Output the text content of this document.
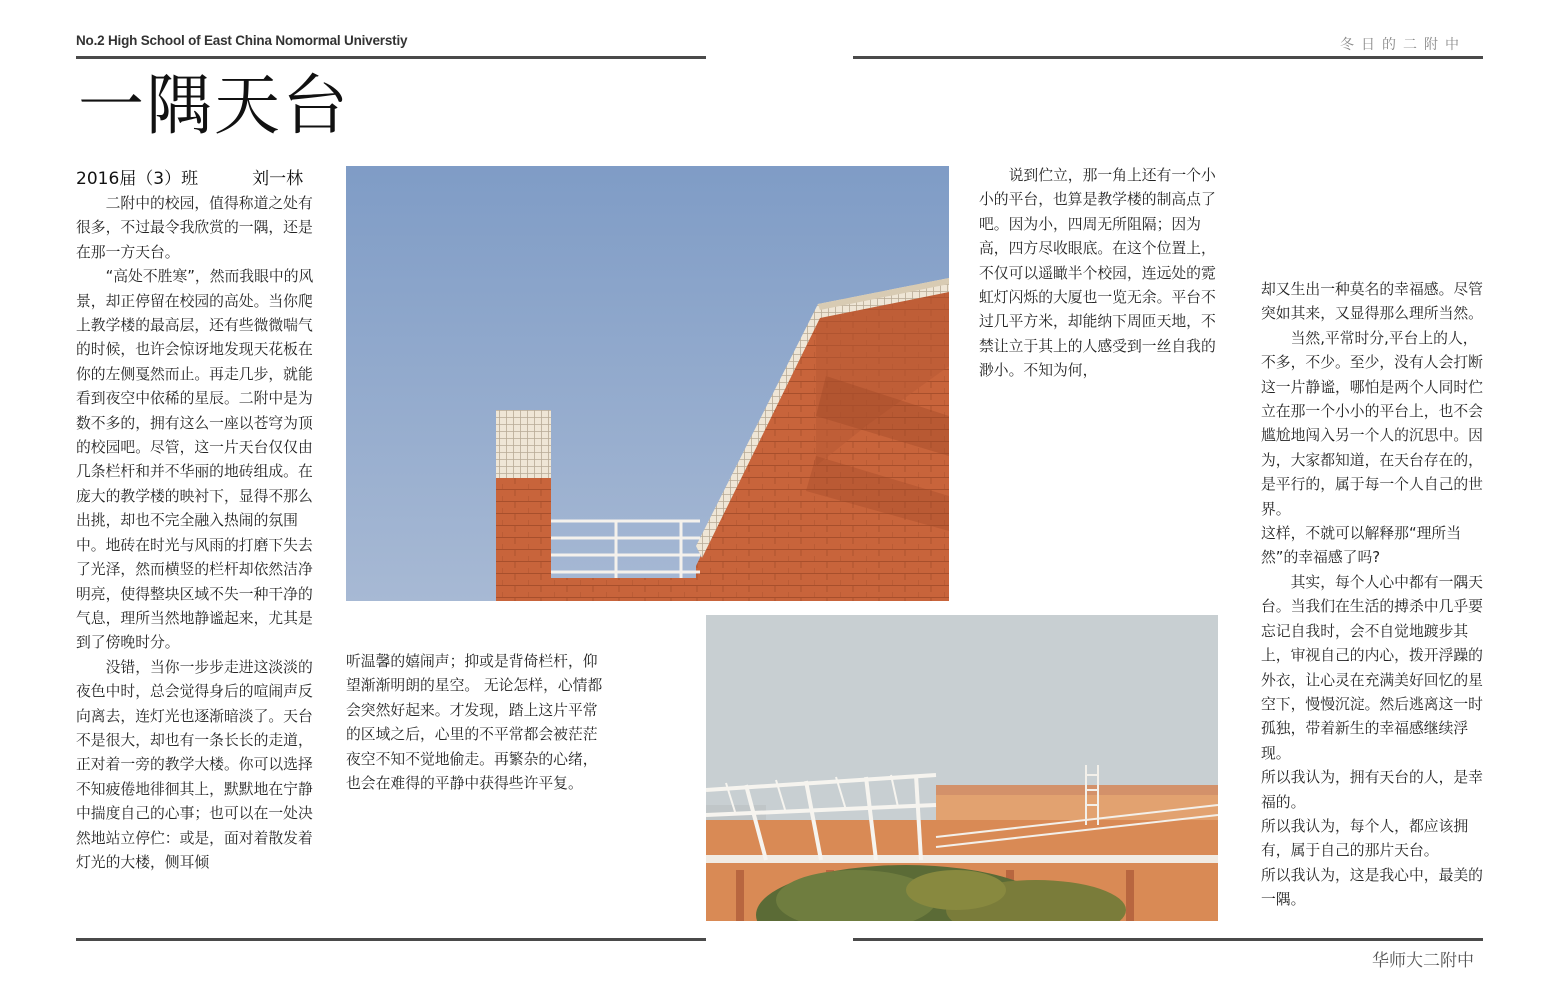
No.2 High School of East China Nomormal Universtiy	冬日的二附中
一隅天台
2016届（3）班          刘一林

二附中的校园，值得称道之处有很多，不过最令我欣赏的一隅，还是在那一方天台。

“高处不胜寒”，然而我眼中的风景，却正停留在校园的高处。当你爬上教学楼的最高层，还有些微微喘气的时候，也许会惊讶地发现天花板在你的左侧戛然而止。再走几步，就能看到夜空中依稀的星辰。二附中是为数不多的，拥有这么一座以苍穹为顶的校园吧。尽管，这一片天台仅仅由几条栏杆和并不华丽的地砖组成。在庞大的教学楼的映衬下，显得不那么出挑，却也不完全融入热闹的氛围中。地砖在时光与风雨的打磨下失去了光泽，然而横竖的栏杆却依然洁净明亮，使得整块区域不失一种干净的气息，理所当然地静谧起来，尤其是到了傍晚时分。

没错，当你一步步走进这淡淡的夜色中时，总会觉得身后的喧闹声反向离去，连灯光也逐渐暗淡了。天台不是很大，却也有一条长长的走道，正对着一旁的教学大楼。你可以选择不知疲倦地徘徊其上，默默地在宁静中揣度自己的心事；也可以在一处决然地站立停伫：或是，面对着散发着灯光的大楼，侧耳倾

听温馨的嬉闹声；抑或是背倚栏杆，仰望渐渐明朗的星空。 无论怎样，心情都会突然好起来。才发现，踏上这片平常的区域之后，心里的不平常都会被茫茫夜空不知不觉地偷走。再繁杂的心绪，也会在难得的平静中获得些许平复。

说到伫立，那一角上还有一个小小的平台，也算是教学楼的制高点了吧。因为小，四周无所阻隔；因为高，四方尽收眼底。在这个位置上，不仅可以遥瞰半个校园，连远处的霓虹灯闪烁的大厦也一览无余。平台不过几平方米，却能纳下周匝天地，不禁让立于其上的人感受到一丝自我的渺小。不知为何，

却又生出一种莫名的幸福感。尽管突如其来，又显得那么理所当然。

当然,平常时分,平台上的人，不多，不少。至少，没有人会打断这一片静谧，哪怕是两个人同时伫立在那一个小小的平台上，也不会尴尬地闯入另一个人的沉思中。因为，大家都知道，在天台存在的，是平行的，属于每一个人自己的世界。

这样，不就可以解释那“理所当然”的幸福感了吗?

其实，每个人心中都有一隅天台。当我们在生活的搏杀中几乎要忘记自我时，会不自觉地踱步其上，审视自己的内心，拨开浮躁的外衣，让心灵在充满美好回忆的星空下，慢慢沉淀。然后逃离这一时孤独，带着新生的幸福感继续浮现。

所以我认为，拥有天台的人，是幸福的。

所以我认为，每个人，都应该拥有，属于自己的那片天台。

所以我认为，这是我心中，最美的一隅。

华师大二附中
